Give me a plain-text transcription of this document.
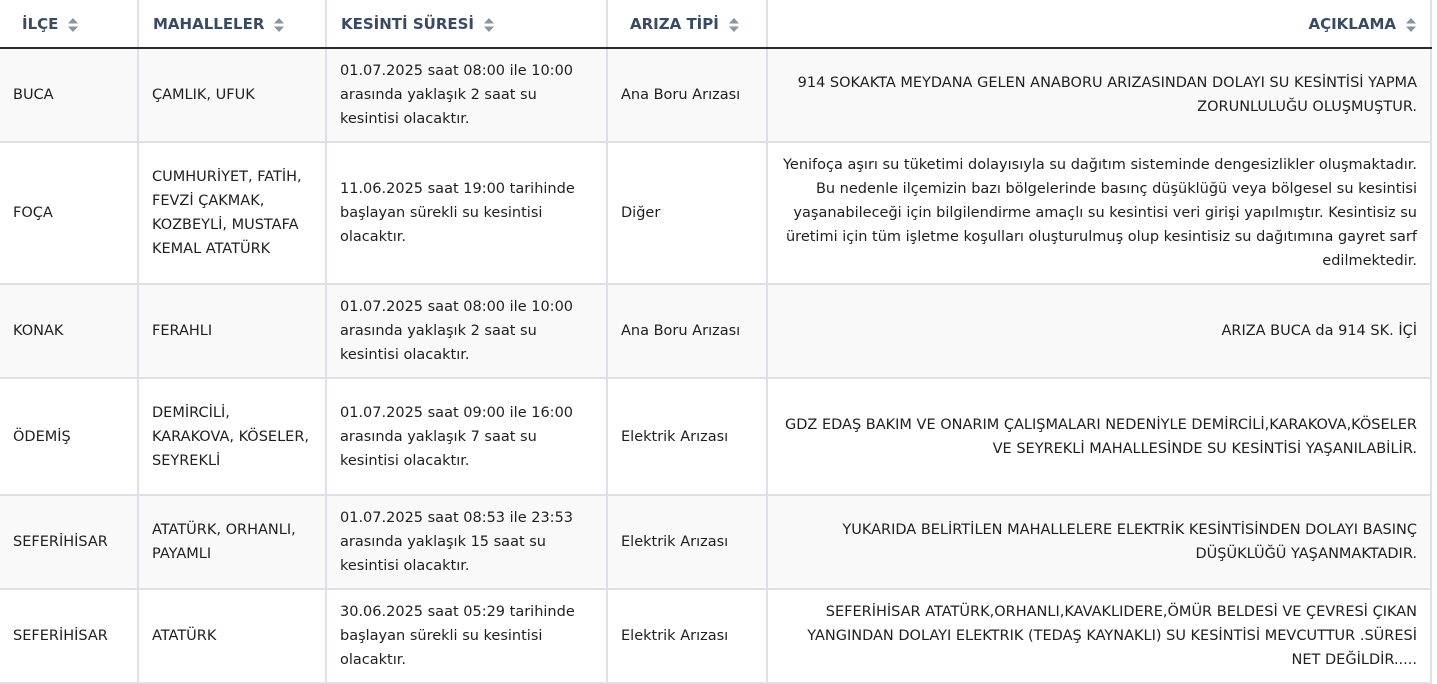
İLÇE	MAHALLELER	KESİNTİ SÜRESİ	ARIZA TİPİ	AÇIKLAMA

BUCA	ÇAMLIK, UFUK	01.07.2025 saat 08:00 ile 10:00 arasında yaklaşık 2 saat su kesintisi olacaktır.	Ana Boru Arızası	914 SOKAKTA MEYDANA GELEN ANABORU ARIZASINDAN DOLAYI SU KESİNTİSİ YAPMA ZORUNLULUĞU OLUŞMUŞTUR.
FOÇA	CUMHURİYET, FATİH, FEVZİ ÇAKMAK, KOZBEYLİ, MUSTAFA KEMAL ATATÜRK	11.06.2025 saat 19:00 tarihinde başlayan sürekli su kesintisi olacaktır.	Diğer	Yenifoça aşırı su tüketimi dolayısıyla su dağıtım sisteminde dengesizlikler oluşmaktadır. Bu nedenle ilçemizin bazı bölgelerinde basınç düşüklüğü veya bölgesel su kesintisi yaşanabileceği için bilgilendirme amaçlı su kesintisi veri girişi yapılmıştır. Kesintisiz su üretimi için tüm işletme koşulları oluşturulmuş olup kesintisiz su dağıtımına gayret sarf edilmektedir.
KONAK	FERAHLI	01.07.2025 saat 08:00 ile 10:00 arasında yaklaşık 2 saat su kesintisi olacaktır.	Ana Boru Arızası	ARIZA BUCA da 914 SK. İÇİ
ÖDEMİŞ	DEMİRCİLİ, KARAKOVA, KÖSELER, SEYREKLİ	01.07.2025 saat 09:00 ile 16:00 arasında yaklaşık 7 saat su kesintisi olacaktır.	Elektrik Arızası	GDZ EDAŞ BAKIM VE ONARIM ÇALIŞMALARI NEDENİYLE DEMİRCİLİ,KARAKOVA,KÖSELER VE SEYREKLİ MAHALLESİNDE SU KESİNTİSİ YAŞANILABİLİR.
SEFERİHİSAR	ATATÜRK, ORHANLI, PAYAMLI	01.07.2025 saat 08:53 ile 23:53 arasında yaklaşık 15 saat su kesintisi olacaktır.	Elektrik Arızası	YUKARIDA BELİRTİLEN MAHALLELERE ELEKTRİK KESİNTİSİNDEN DOLAYI BASINÇ DÜŞÜKLÜĞÜ YAŞANMAKTADIR.
SEFERİHİSAR	ATATÜRK	30.06.2025 saat 05:29 tarihinde başlayan sürekli su kesintisi olacaktır.	Elektrik Arızası	SEFERİHİSAR ATATÜRK,ORHANLI,KAVAKLIDERE,ÖMÜR BELDESİ VE ÇEVRESİ ÇIKAN YANGINDAN DOLAYI ELEKTRIK (TEDAŞ KAYNAKLI) SU KESİNTİSİ MEVCUTTUR .SÜRESİ NET DEĞİLDİR.....
